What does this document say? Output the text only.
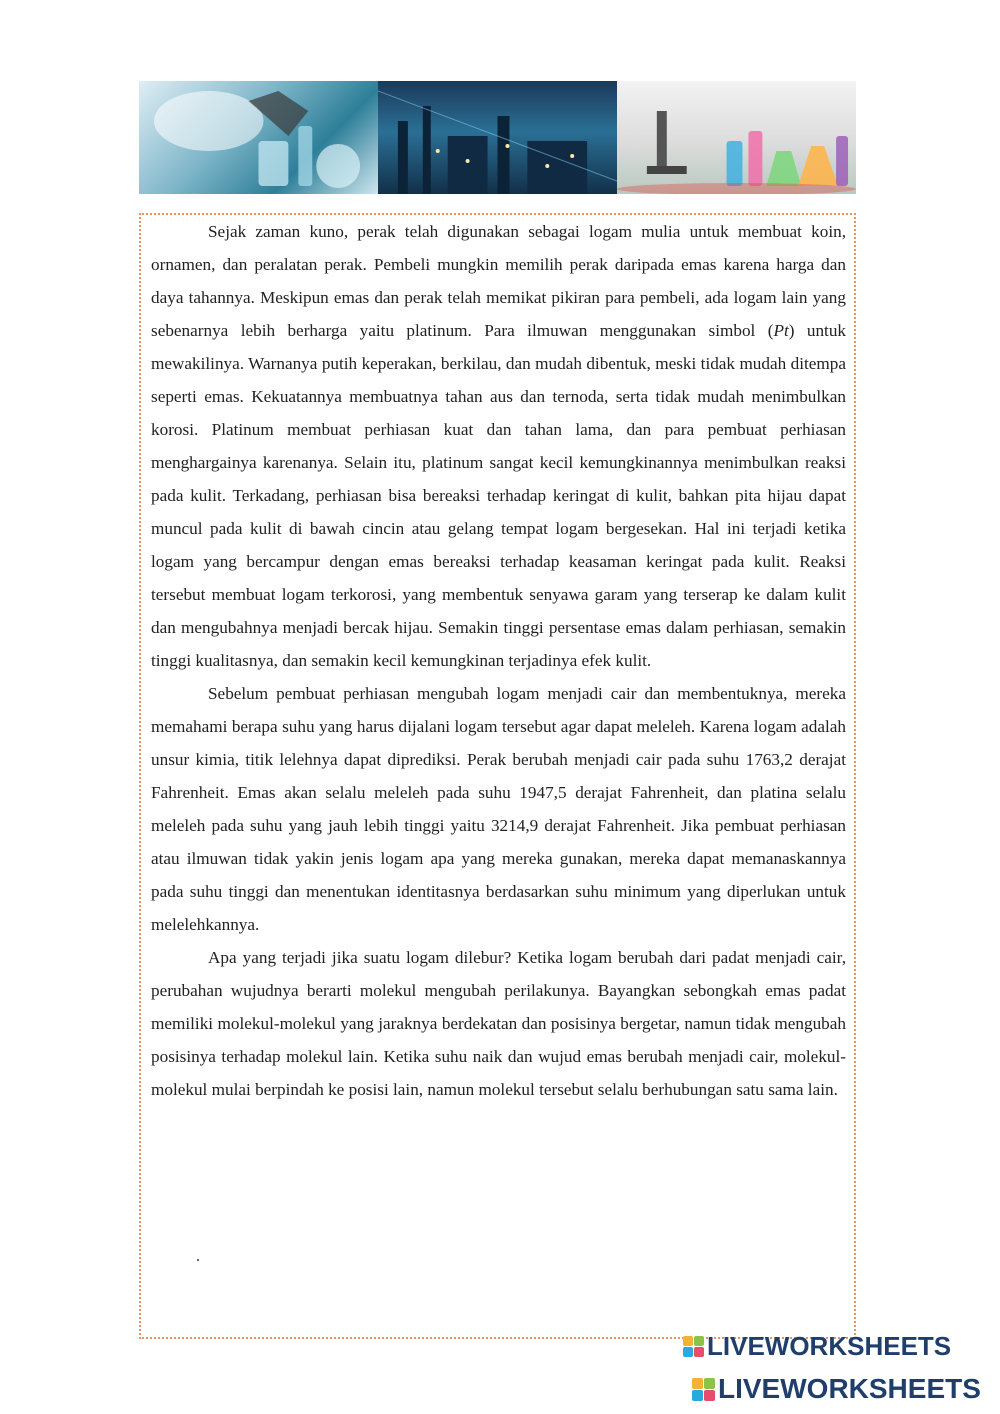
Sejak zaman kuno, perak telah digunakan sebagai logam mulia untuk membuat koin, ornamen, dan peralatan perak. Pembeli mungkin memilih perak daripada emas karena harga dan daya tahannya. Meskipun emas dan perak telah memikat pikiran para pembeli, ada logam lain yang sebenarnya lebih berharga yaitu platinum. Para ilmuwan menggunakan simbol (Pt) untuk mewakilinya. Warnanya putih keperakan, berkilau, dan mudah dibentuk, meski tidak mudah ditempa seperti emas. Kekuatannya membuatnya tahan aus dan ternoda, serta tidak mudah menimbulkan korosi. Platinum membuat perhiasan kuat dan tahan lama, dan para pembuat perhiasan menghargainya karenanya. Selain itu, platinum sangat kecil kemungkinannya menimbulkan reaksi pada kulit. Terkadang, perhiasan bisa bereaksi terhadap keringat di kulit, bahkan pita hijau dapat muncul pada kulit di bawah cincin atau gelang tempat logam bergesekan. Hal ini terjadi ketika logam yang bercampur dengan emas bereaksi terhadap keasaman keringat pada kulit. Reaksi tersebut membuat logam terkorosi, yang membentuk senyawa garam yang terserap ke dalam kulit dan mengubahnya menjadi bercak hijau. Semakin tinggi persentase emas dalam perhiasan, semakin tinggi kualitasnya, dan semakin kecil kemungkinan terjadinya efek kulit.

Sebelum pembuat perhiasan mengubah logam menjadi cair dan membentuknya, mereka memahami berapa suhu yang harus dijalani logam tersebut agar dapat meleleh. Karena logam adalah unsur kimia, titik lelehnya dapat diprediksi. Perak berubah menjadi cair pada suhu 1763,2 derajat Fahrenheit. Emas akan selalu meleleh pada suhu 1947,5 derajat Fahrenheit, dan platina selalu meleleh pada suhu yang jauh lebih tinggi yaitu 3214,9 derajat Fahrenheit. Jika pembuat perhiasan atau ilmuwan tidak yakin jenis logam apa yang mereka gunakan, mereka dapat memanaskannya pada suhu tinggi dan menentukan identitasnya berdasarkan suhu minimum yang diperlukan untuk melelehkannya.

Apa yang terjadi jika suatu logam dilebur? Ketika logam berubah dari padat menjadi cair, perubahan wujudnya berarti molekul mengubah perilakunya. Bayangkan sebongkah emas padat memiliki molekul-molekul yang jaraknya berdekatan dan posisinya bergetar, namun tidak mengubah posisinya terhadap molekul lain. Ketika suhu naik dan wujud emas berubah menjadi cair, molekul-molekul mulai berpindah ke posisi lain, namun molekul tersebut selalu berhubungan satu sama lain.

.
LIVEWORKSHEETS
LIVEWORKSHEETS
